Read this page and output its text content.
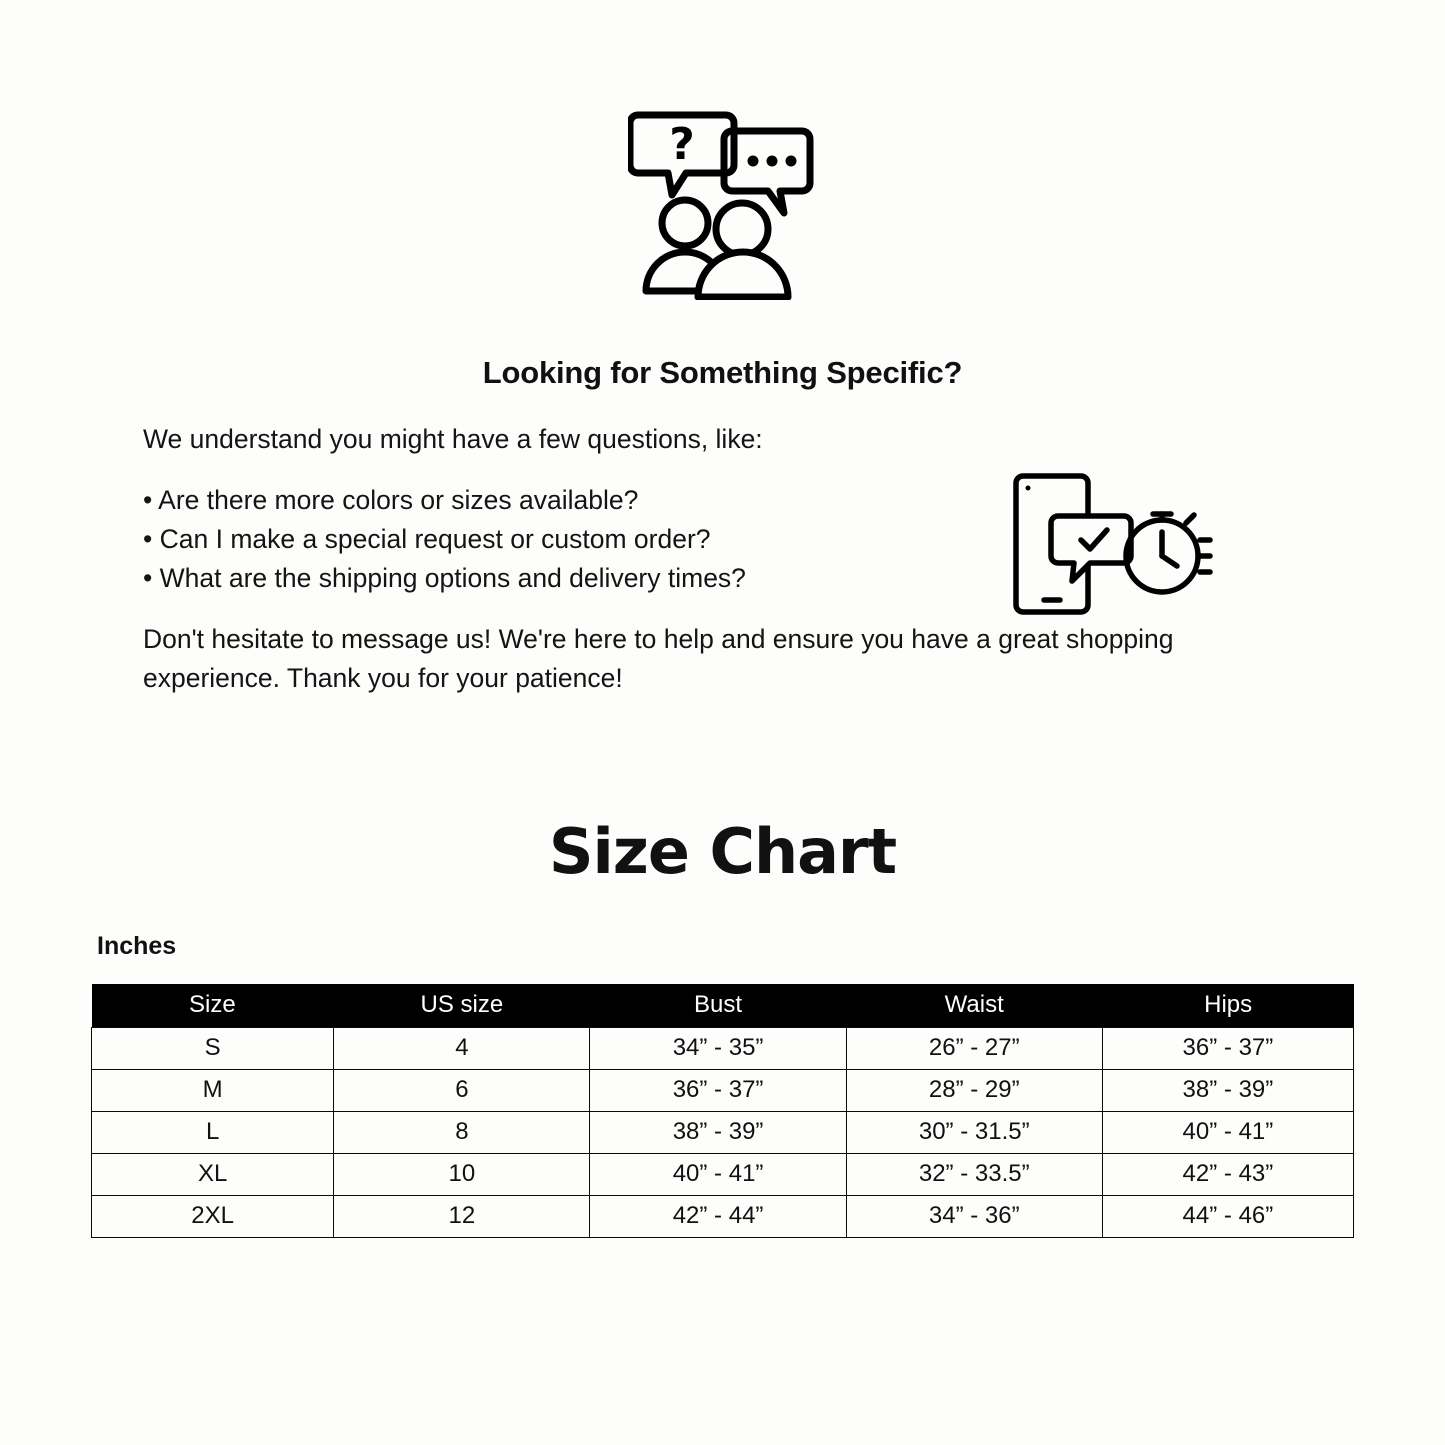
?
Looking for Something Specific?

We understand you might have a few questions, like:

• Are there more colors or sizes available?
• Can I make a special request or custom order?
• What are the shipping options and delivery times?

Don't hesitate to message us! We're here to help and ensure you have a great shopping experience. Thank you for your patience!

Size Chart
Inches
Size	US size	Bust	Waist	Hips
S	4	34” - 35”	26” - 27”	36” - 37”
M	6	36” - 37”	28” - 29”	38” - 39”
L	8	38” - 39”	30” - 31.5”	40” - 41”
XL	10	40” - 41”	32” - 33.5”	42” - 43”
2XL	12	42” - 44”	34” - 36”	44” - 46”
